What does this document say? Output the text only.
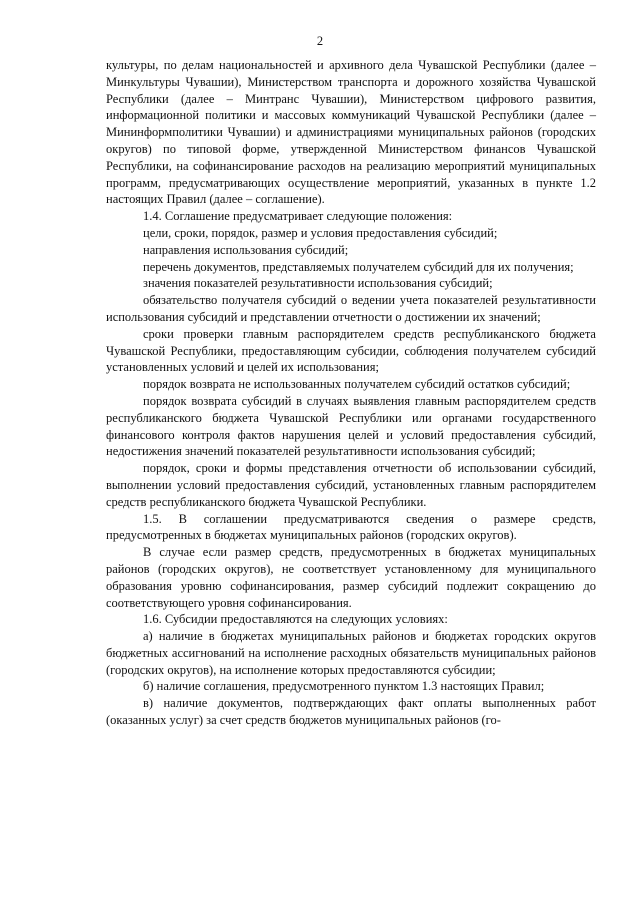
2

культуры, по делам национальностей и архивного дела Чувашской Республики (далее – Минкультуры Чувашии), Министерством транспорта и дорожного хозяйства Чувашской Республики (далее – Минтранс Чувашии), Министерством цифрового развития, информационной политики и массовых коммуникаций Чувашской Республики (далее – Мининформполитики Чувашии) и администрациями муниципальных районов (городских округов) по типовой форме, утвержденной Министерством финансов Чувашской Республики, на софинансирование расходов на реализацию мероприятий муниципальных программ, предусматривающих осуществление мероприятий, указанных в пункте 1.2 настоящих Правил (далее – соглашение).

1.4. Соглашение предусматривает следующие положения:

цели, сроки, порядок, размер и условия предоставления субсидий;

направления использования субсидий;

перечень документов, представляемых получателем субсидий для их получения;

значения показателей результативности использования субсидий;

обязательство получателя субсидий о ведении учета показателей результативности использования субсидий и представлении отчетности о достижении их значений;

сроки проверки главным распорядителем средств республиканского бюджета Чувашской Республики, предоставляющим субсидии, соблюдения получателем субсидий установленных условий и целей их использования;

порядок возврата не использованных получателем субсидий остатков субсидий;

порядок возврата субсидий в случаях выявления главным распорядителем средств республиканского бюджета Чувашской Республики или органами государственного финансового контроля фактов нарушения целей и условий предоставления субсидий, недостижения значений показателей результативности использования субсидий;

порядок, сроки и формы представления отчетности об использовании субсидий, выполнении условий предоставления субсидий, установленных главным распорядителем средств республиканского бюджета Чувашской Республики.

1.5. В соглашении предусматриваются сведения о размере средств, предусмотренных в бюджетах муниципальных районов (городских округов).

В случае если размер средств, предусмотренных в бюджетах муниципальных районов (городских округов), не соответствует установленному для муниципального образования уровню софинансирования, размер субсидий подлежит сокращению до соответствующего уровня софинансирования.

1.6. Субсидии предоставляются на следующих условиях:

а) наличие в бюджетах муниципальных районов и бюджетах городских округов бюджетных ассигнований на исполнение расходных обязательств муниципальных районов (городских округов), на исполнение которых предоставляются субсидии;

б) наличие соглашения, предусмотренного пунктом 1.3 настоящих Правил;

в) наличие документов, подтверждающих факт оплаты выполненных работ (оказанных услуг) за счет средств бюджетов муниципальных районов (го-
